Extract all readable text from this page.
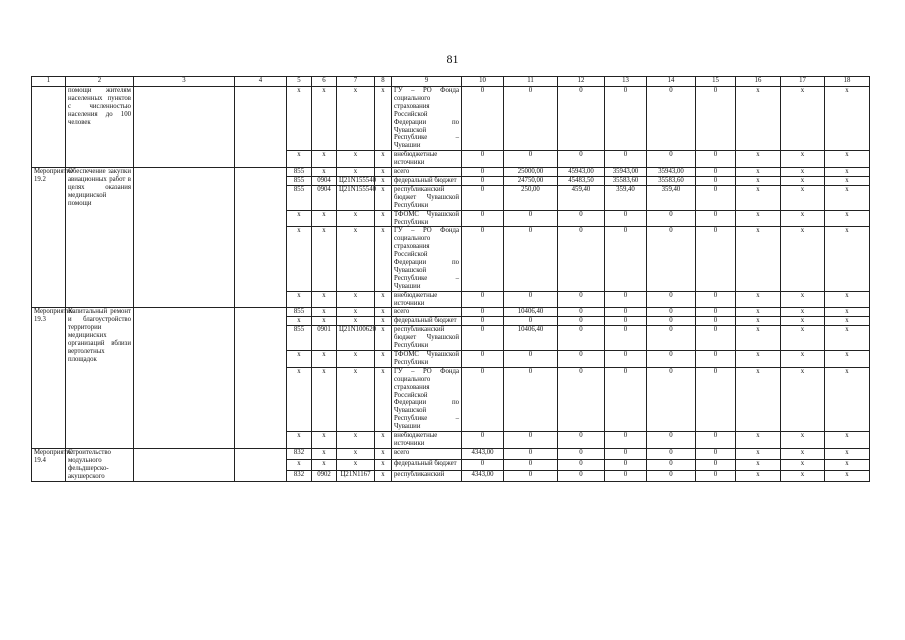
81
1	2	3	4	5	6	7	8	9	10	11	12	13	14	15	16	17	18
	помощи жителям населенных пунктов с численностью населения до 100 человек			x	x	x	x	ГУ – РО Фонда социального страхования Российской Федерации по Чувашской Республике – Чувашии	0	0	0	0	0	0	x	x	x
				x	x	x	x	внебюджетные источники	0	0	0	0	0	0	x	x	x
Мероприятие 19.2	Обеспечение закупки авиационных работ в целях оказания медицинской помощи			855	x	x	x	всего	0	25000,00	45943,00	35943,00	35943,00	0	x	x	x
				855	0904	Ц21N155540	x	федеральный бюджет	0	24750,00	45483,50	35583,60	35583,60	0	x	x	x
				855	0904	Ц21N155540	x	республиканский бюджет Чувашской Республики	0	250,00	459,40	359,40	359,40	0	x	x	x
				x	x	x	x	ТФОМС Чувашской Республики	0	0	0	0	0	0	x	x	x
				x	x	x	x	ГУ – РО Фонда социального страхования Российской Федерации по Чувашской Республике – Чувашии	0	0	0	0	0	0	x	x	x
				x	x	x	x	внебюджетные источники	0	0	0	0	0	0	x	x	x
Мероприятие 19.3	Капитальный ремонт и благоустройство территории медицинских организаций вблизи вертолетных площадок			855	x	x	x	всего	0	10406,40	0	0	0	0	x	x	x
				x	x	x	x	федеральный бюджет	0	0	0	0	0	0	x	x	x
				855	0901	Ц21N100620	x	республиканский бюджет Чувашской Республики	0	10406,40	0	0	0	0	x	x	x
				x	x	x	x	ТФОМС Чувашской Республики	0	0	0	0	0	0	x	x	x
				x	x	x	x	ГУ – РО Фонда социального страхования Российской Федерации по Чувашской Республике – Чувашии	0	0	0	0	0	0	x	x	x
				x	x	x	x	внебюджетные источники	0	0	0	0	0	0	x	x	x
Мероприятие 19.4	Строительство модульного фельдшерско-акушерского			832	x	x	x	всего	4343,00	0	0	0	0	0	x	x	x
				x	x	x	x	федеральный бюджет	0	0	0	0	0	0	x	x	x
				832	0902	Ц21N1167	x	республиканский	4343,00	0	0	0	0	0	x	x	x
